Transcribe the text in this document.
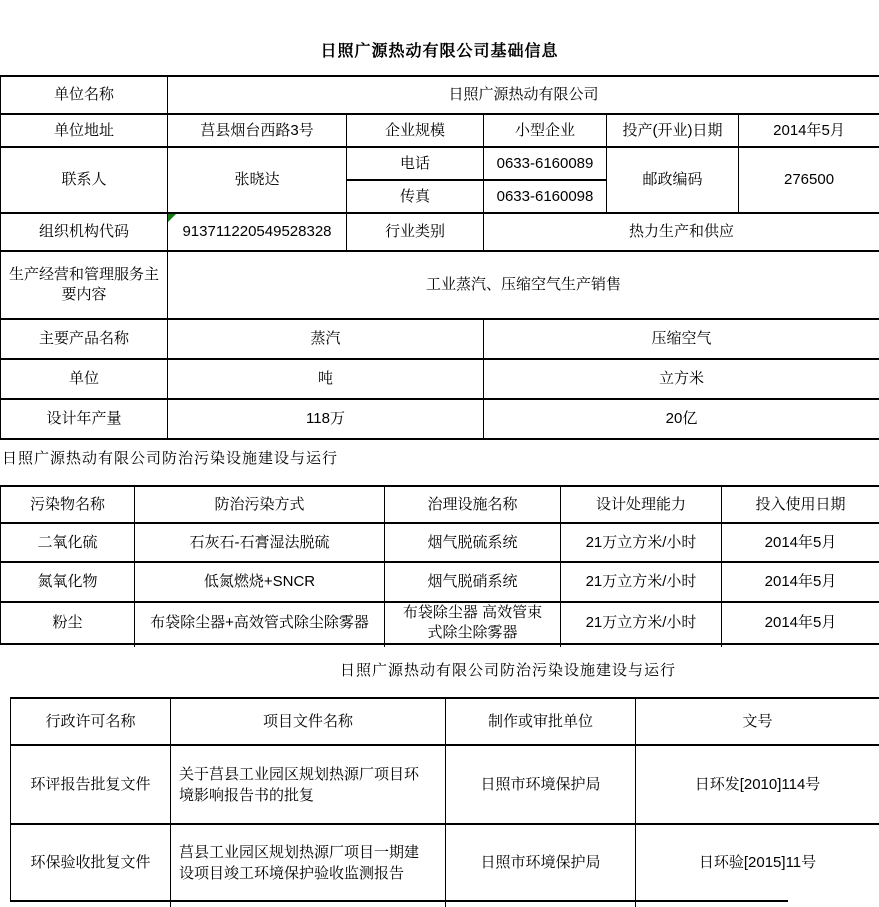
日照广源热动有限公司基础信息
单位名称	日照广源热动有限公司				
单位地址	莒县烟台西路3号	企业规模	小型企业	投产(开业)日期	2014年5月
联系人	张晓达	电话	0633-6160089	邮政编码	276500
		传真	0633-6160098		
组织机构代码	913711220549528328	行业类别	热力生产和供应		
生产经营和管理服务主要内容	工业蒸汽、压缩空气生产销售				
主要产品名称	蒸汽		压缩空气		
单位	吨		立方米		
设计年产量	118万		20亿		
日照广源热动有限公司防治污染设施建设与运行
污染物名称	防治污染方式	治理设施名称	设计处理能力	投入使用日期
二氧化硫	石灰石-石膏湿法脱硫	烟气脱硫系统	21万立方米/小时	2014年5月
氮氧化物	低氮燃烧+SNCR	烟气脱硝系统	21万立方米/小时	2014年5月
粉尘	布袋除尘器+高效管式除尘除雾器	布袋除尘器 高效管束式除尘除雾器	21万立方米/小时	2014年5月
日照广源热动有限公司防治污染设施建设与运行
行政许可名称	项目文件名称	制作或审批单位	文号
环评报告批复文件	关于莒县工业园区规划热源厂项目环境影响报告书的批复	日照市环境保护局	日环发[2010]114号
环保验收批复文件	莒县工业园区规划热源厂项目一期建设项目竣工环境保护验收监测报告	日照市环境保护局	日环验[2015]11号
